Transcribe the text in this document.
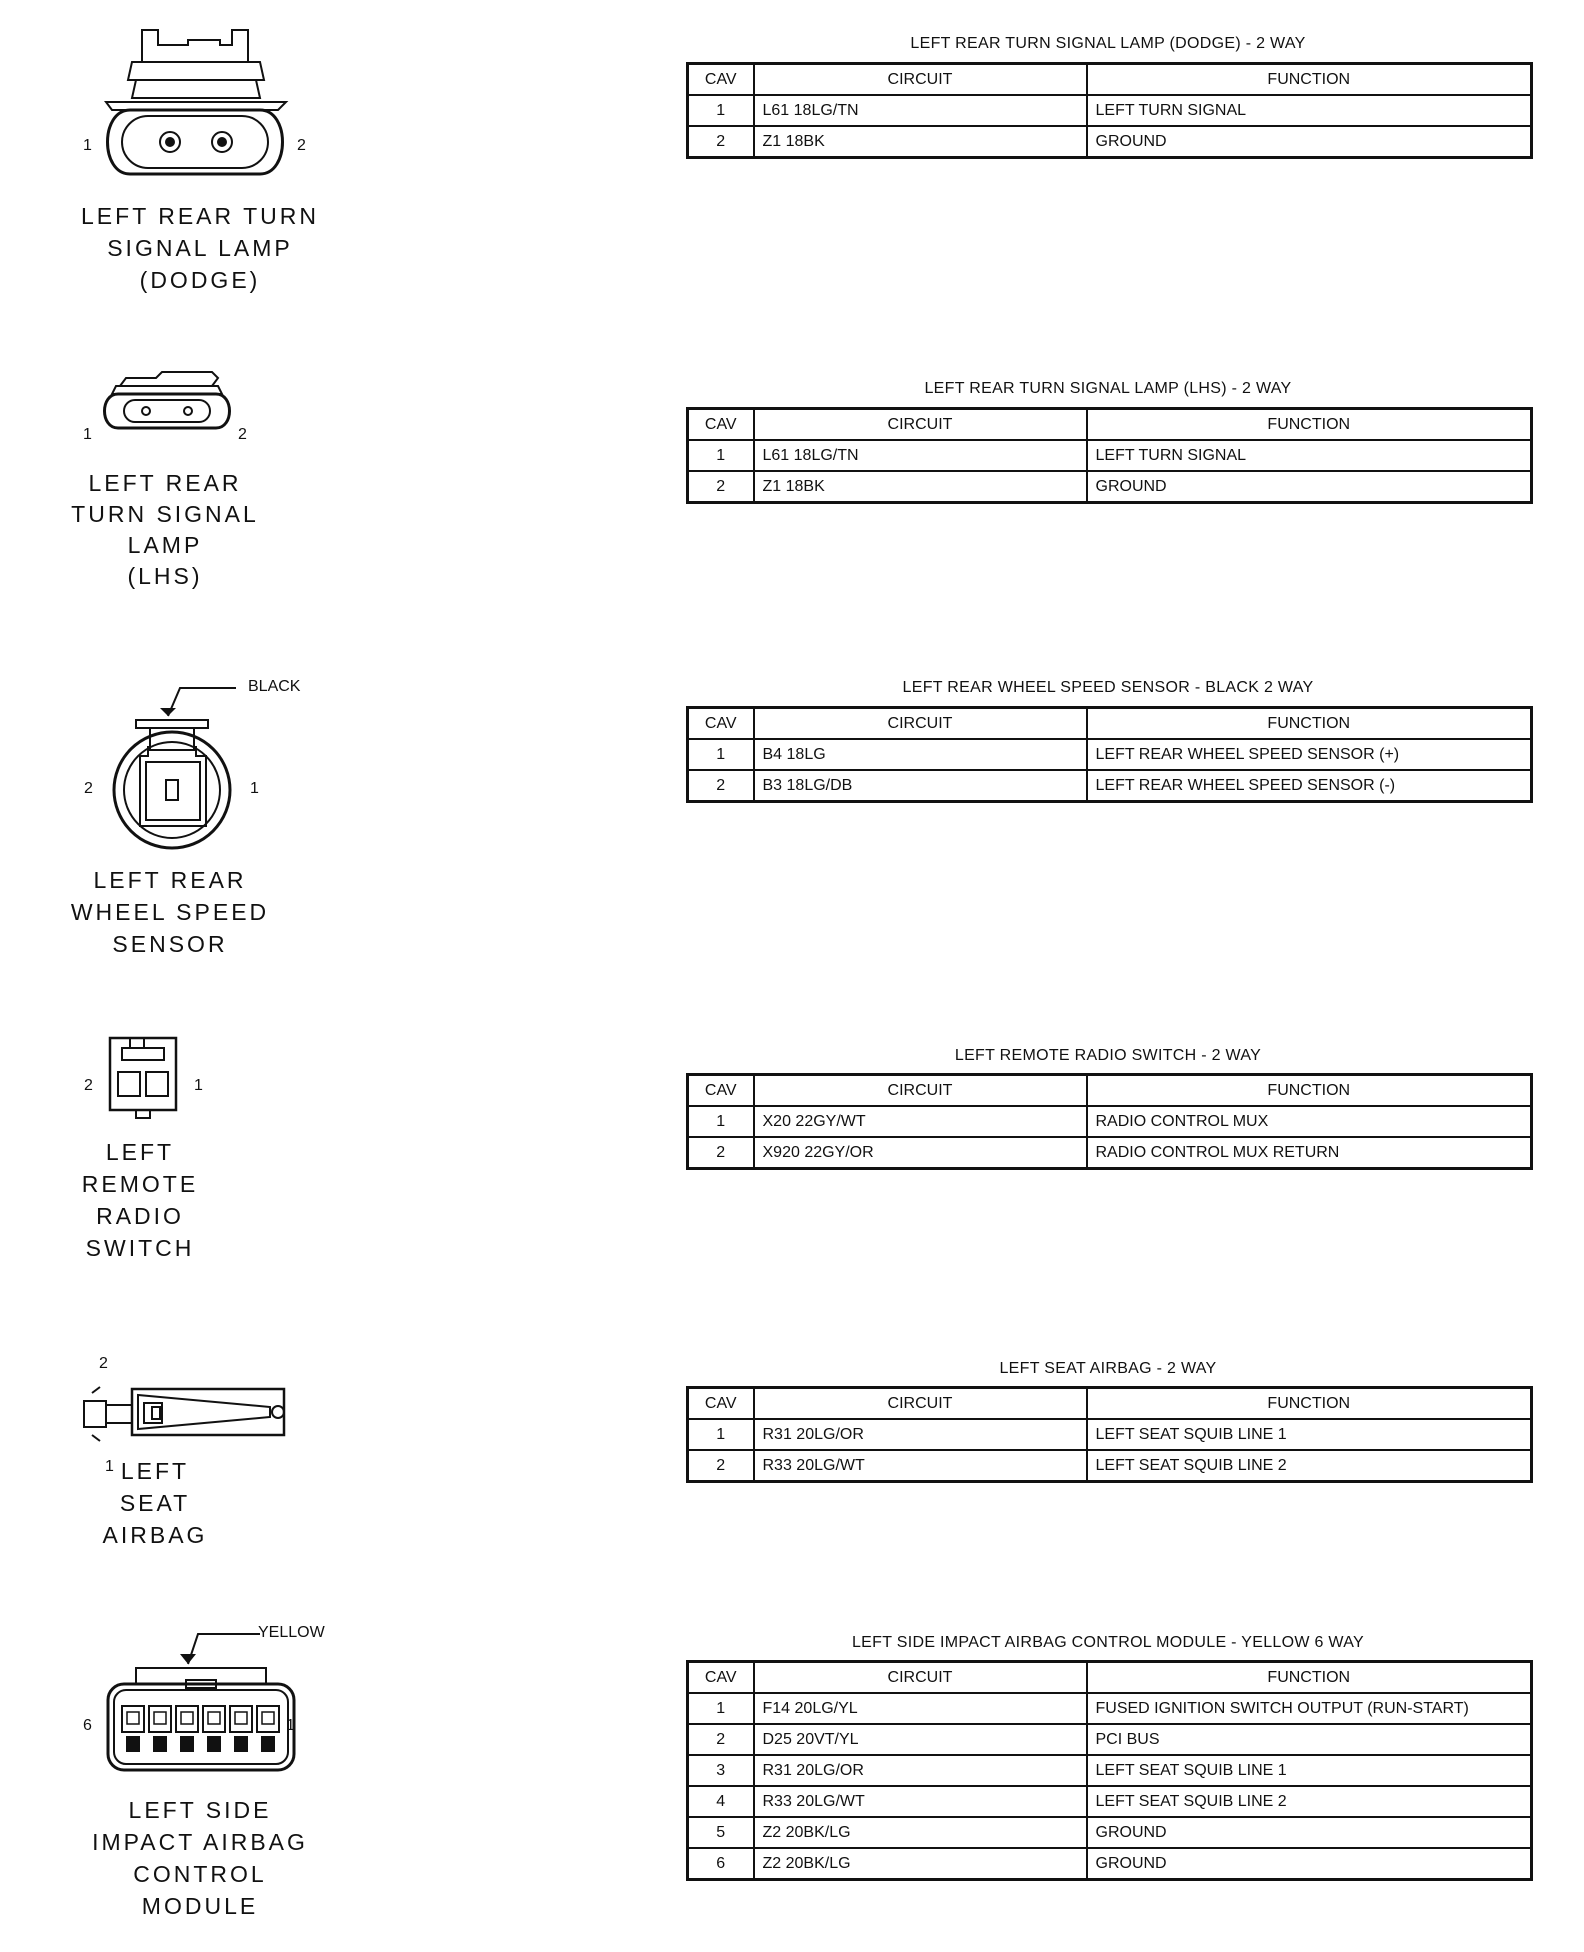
1	2
LEFT REAR TURN
SIGNAL LAMP
(DODGE)
LEFT REAR TURN SIGNAL LAMP (DODGE) - 2 WAY
CAV	CIRCUIT	FUNCTION
1	L61 18LG/TN	LEFT TURN SIGNAL
2	Z1 18BK	GROUND
1	2
LEFT REAR
TURN SIGNAL
LAMP
(LHS)
LEFT REAR TURN SIGNAL LAMP (LHS) - 2 WAY
CAV	CIRCUIT	FUNCTION
1	L61 18LG/TN	LEFT TURN SIGNAL
2	Z1 18BK	GROUND
BLACK
2	1
LEFT REAR
WHEEL SPEED
SENSOR
LEFT REAR WHEEL SPEED SENSOR - BLACK 2 WAY
CAV	CIRCUIT	FUNCTION
1	B4 18LG	LEFT REAR WHEEL SPEED SENSOR (+)
2	B3 18LG/DB	LEFT REAR WHEEL SPEED SENSOR (-)
2	1
LEFT
REMOTE
RADIO
SWITCH
LEFT REMOTE RADIO SWITCH - 2 WAY
CAV	CIRCUIT	FUNCTION
1	X20 22GY/WT	RADIO CONTROL MUX
2	X920 22GY/OR	RADIO CONTROL MUX RETURN
2
1 LEFT
SEAT
AIRBAG
LEFT SEAT AIRBAG - 2 WAY
CAV	CIRCUIT	FUNCTION
1	R31 20LG/OR	LEFT SEAT SQUIB LINE 1
2	R33 20LG/WT	LEFT SEAT SQUIB LINE 2
YELLOW
6	1
LEFT SIDE
IMPACT AIRBAG
CONTROL
MODULE
LEFT SIDE IMPACT AIRBAG CONTROL MODULE - YELLOW 6 WAY
CAV	CIRCUIT	FUNCTION
1	F14 20LG/YL	FUSED IGNITION SWITCH OUTPUT (RUN-START)
2	D25 20VT/YL	PCI BUS
3	R31 20LG/OR	LEFT SEAT SQUIB LINE 1
4	R33 20LG/WT	LEFT SEAT SQUIB LINE 2
5	Z2 20BK/LG	GROUND
6	Z2 20BK/LG	GROUND
